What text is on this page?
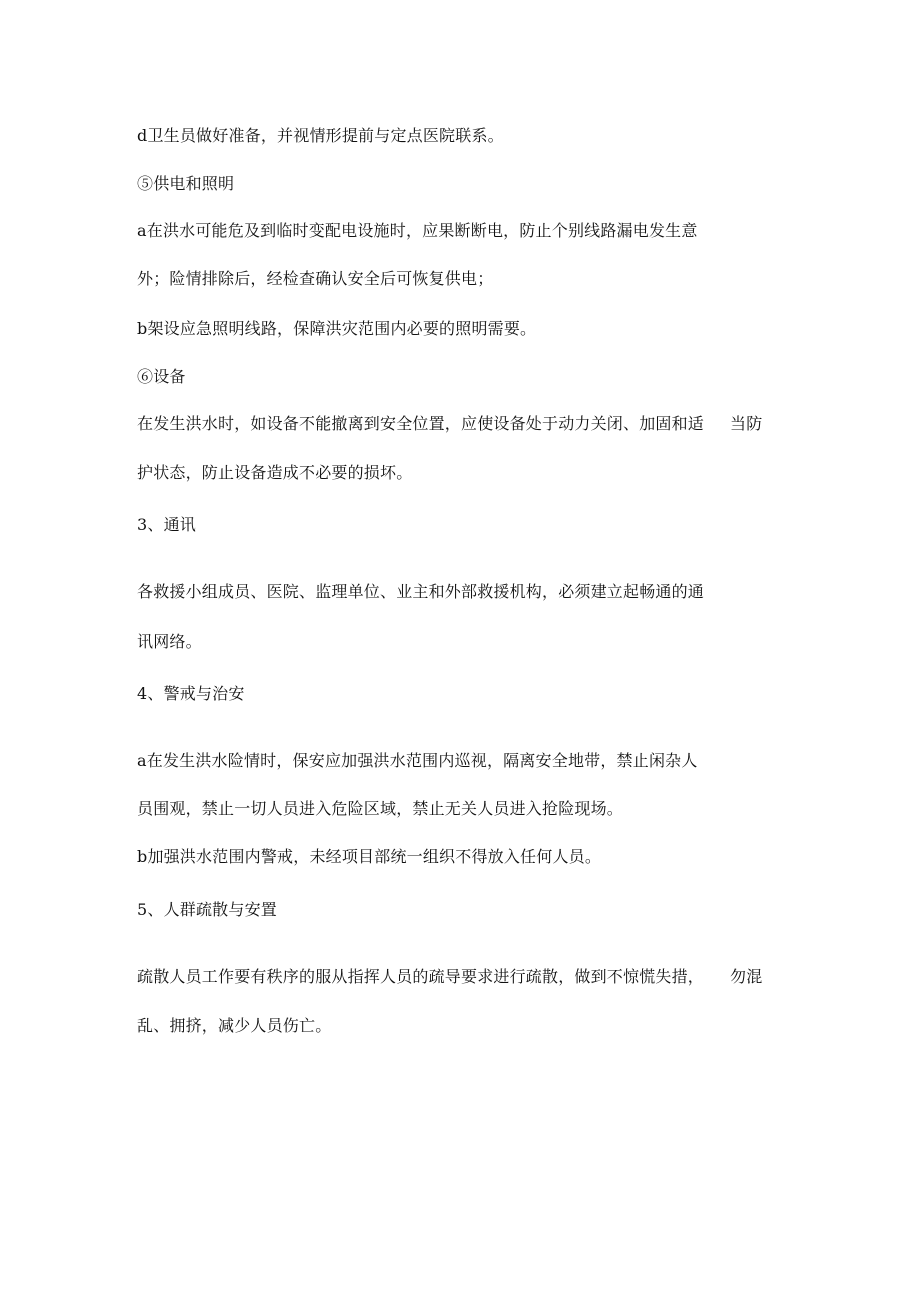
d卫生员做好准备，并视情形提前与定点医院联系。

⑤供电和照明

a在洪水可能危及到临时变配电设施时，应果断断电，防止个别线路漏电发生意

外；险情排除后，经检查确认安全后可恢复供电；

b架设应急照明线路，保障洪灾范围内必要的照明需要。

⑥设备

在发生洪水时，如设备不能撤离到安全位置，应使设备处于动力关闭、加固和适 当防

护状态，防止设备造成不必要的损坏。

3、通讯

各救援小组成员、医院、监理单位、业主和外部救援机构，必须建立起畅通的通

讯网络。

4、警戒与治安

a在发生洪水险情时，保安应加强洪水范围内巡视，隔离安全地带，禁止闲杂人

员围观，禁止一切人员进入危险区域，禁止无关人员进入抢险现场。

b加强洪水范围内警戒，未经项目部统一组织不得放入任何人员。

5、人群疏散与安置

疏散人员工作要有秩序的服从指挥人员的疏导要求进行疏散，做到不惊慌失措， 勿混

乱、拥挤，减少人员伤亡。
